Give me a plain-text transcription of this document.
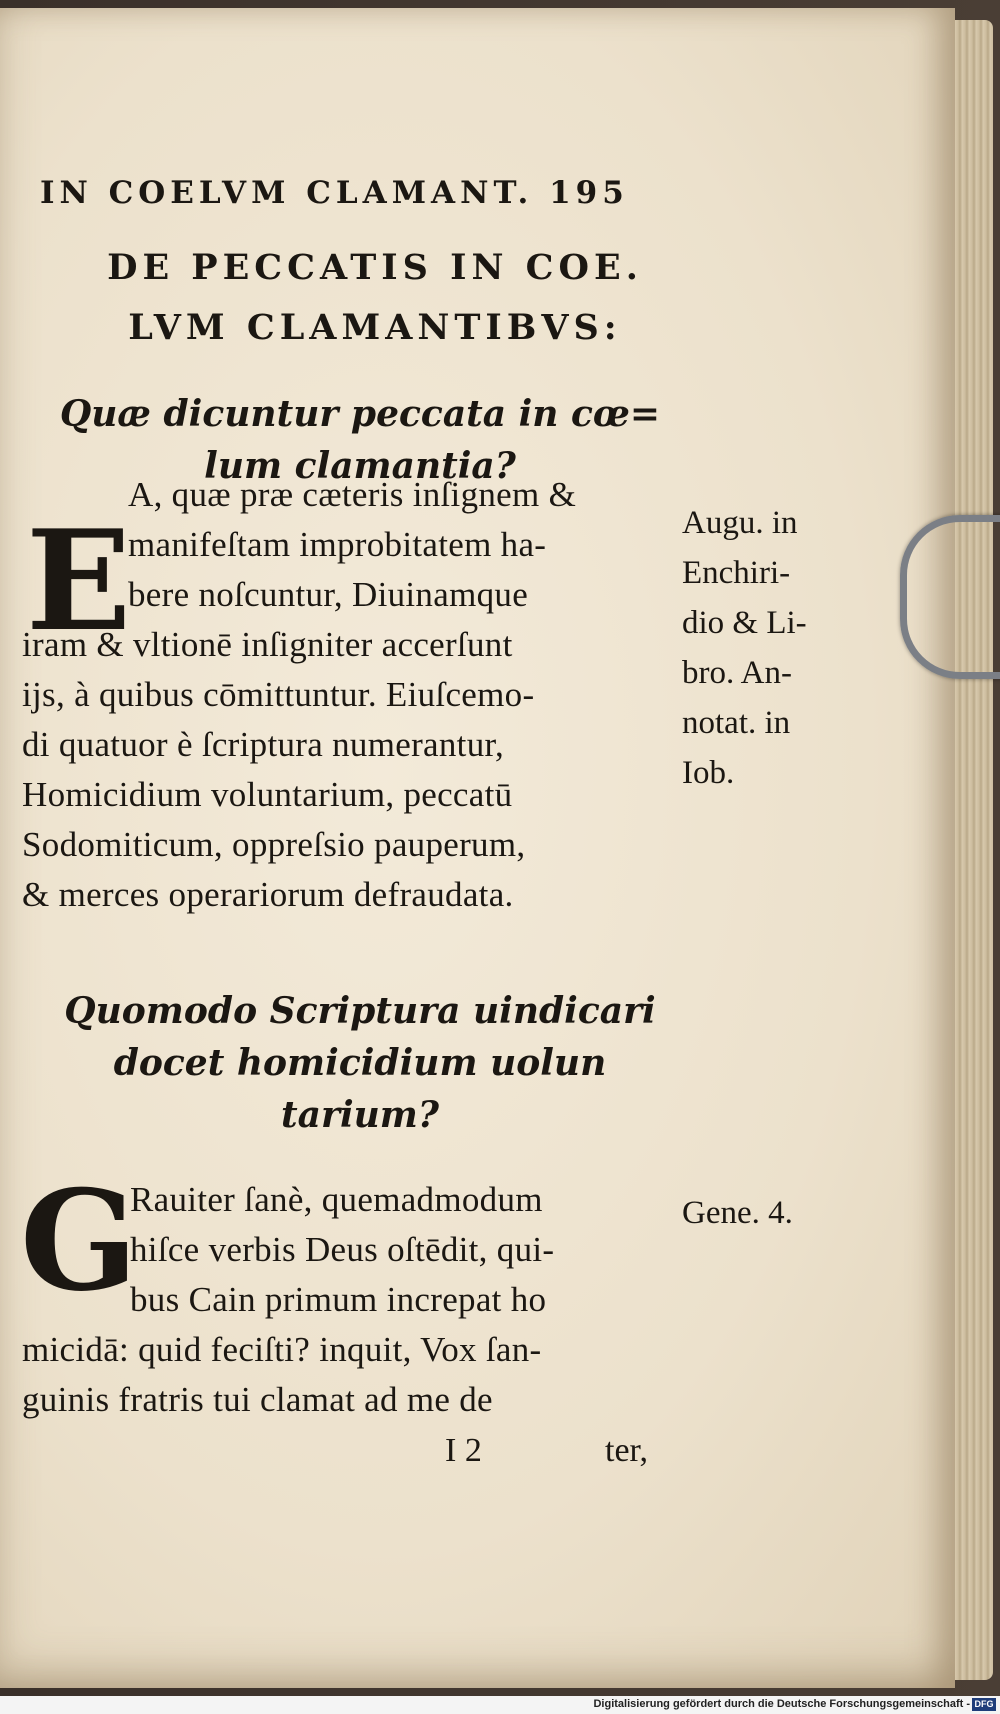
IN COELVM CLAMANT. 195
DE PECCATIS IN COE.
LVM CLAMANTIBVS:
Quæ dicuntur peccata in cœ=
lum clamantia?
E
A, quæ præ cæteris inſignem &
manifeſtam improbitatem ha-
bere noſcuntur, Diuinamque
iram & vltionē inſigniter accerſunt
iјs, à quibus cōmittuntur. Eiuſcemo-
di quatuor è ſcriptura numerantur,
Homicidium voluntarium, peccatū
Sodomiticum, oppreſsio pauperum,
& merces operariorum defraudata.
Augu. in
Enchiri-
dio & Li-
bro. An-
notat. in
Iob.
Quomodo Scriptura uindicari
docet homicidium uolun
tarium?
G
Rauiter ſanè, quemadmodum
hiſce verbis Deus oſtēdit, qui-
bus Cain primum increpat ho
micidā: quid feciſti? inquit, Vox ſan-
guinis fratris tui clamat ad me de
Gene. 4.
I 2	ter,
Digitalisierung gefördert durch die Deutsche Forschungsgemeinschaft - DFG
